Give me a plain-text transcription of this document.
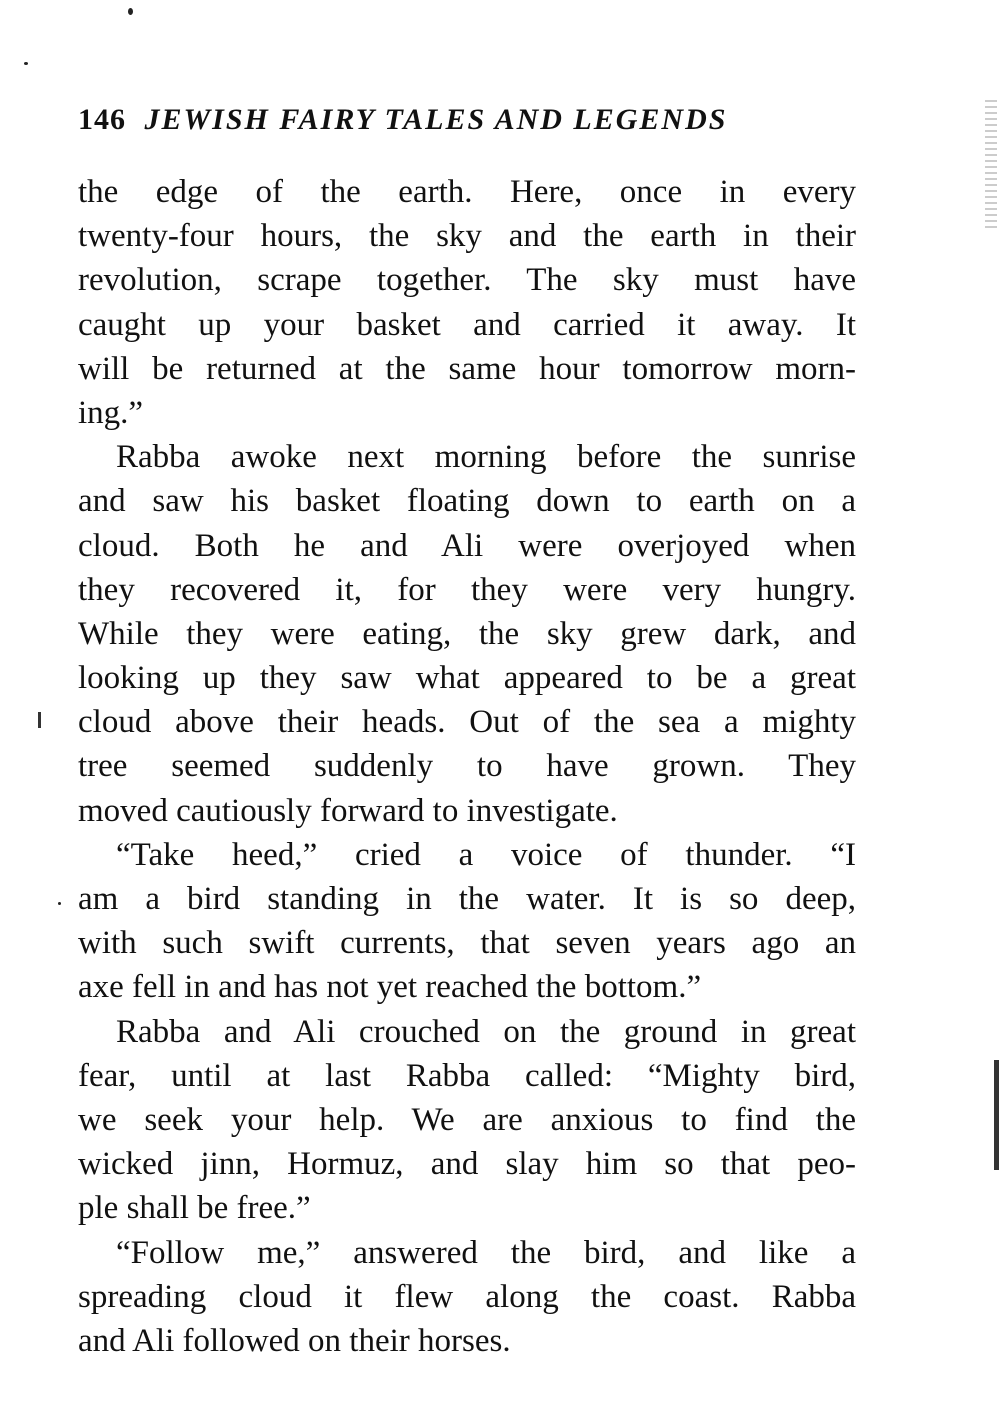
146 JEWISH FAIRY TALES AND LEGENDS
the edge of the earth. Here, once in every
twenty-four hours, the sky and the earth in their
revolution, scrape together. The sky must have
caught up your basket and carried it away. It
will be returned at the same hour tomorrow morn-
ing.”
Rabba awoke next morning before the sunrise
and saw his basket floating down to earth on a
cloud. Both he and Ali were overjoyed when
they recovered it, for they were very hungry.
While they were eating, the sky grew dark, and
looking up they saw what appeared to be a great
cloud above their heads. Out of the sea a mighty
tree seemed suddenly to have grown. They
moved cautiously forward to investigate.
“Take heed,” cried a voice of thunder. “I
am a bird standing in the water. It is so deep,
with such swift currents, that seven years ago an
axe fell in and has not yet reached the bottom.”
Rabba and Ali crouched on the ground in great
fear, until at last Rabba called: “Mighty bird,
we seek your help. We are anxious to find the
wicked jinn, Hormuz, and slay him so that peo-
ple shall be free.”
“Follow me,” answered the bird, and like a
spreading cloud it flew along the coast. Rabba
and Ali followed on their horses.
